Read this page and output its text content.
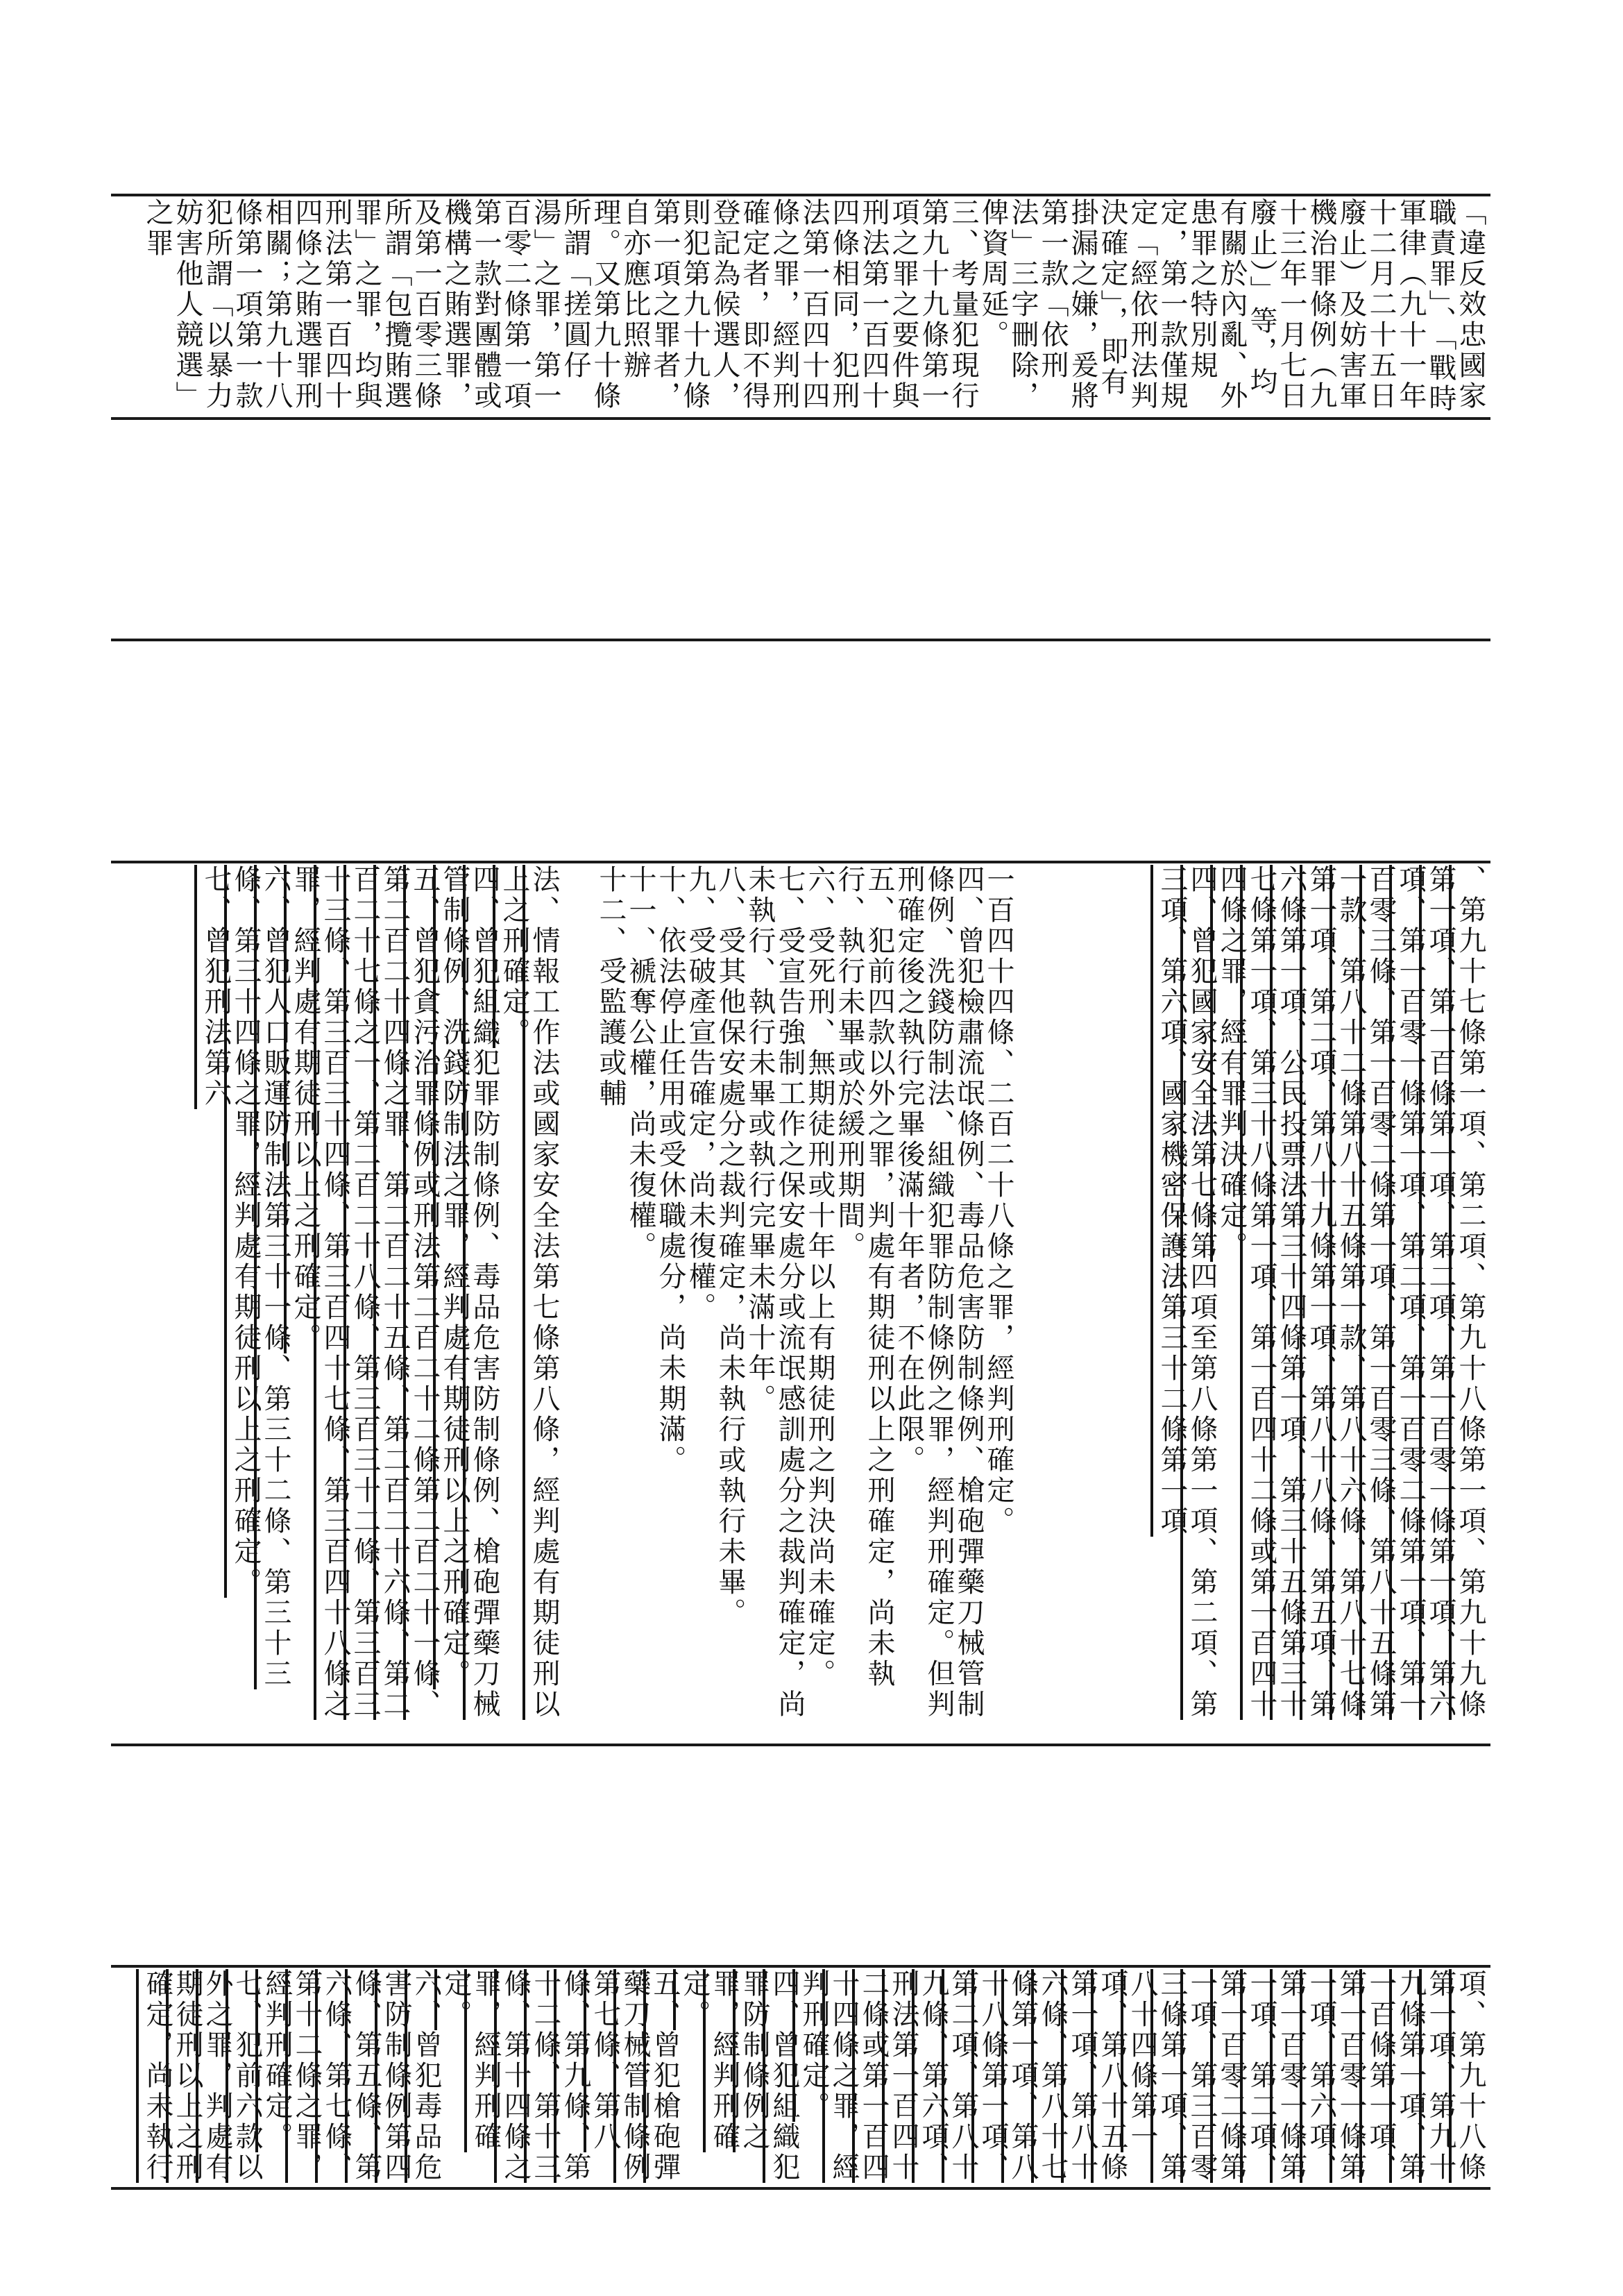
「違反效忠國家職責罪」、「戰時軍律（九十一年十二月二十五日廢止）及妨害軍機治罪條例（九十三年一月七日廢止）」等，均有關於內亂、外患罪之特別規定，第一款僅規定「經依刑法判決確定」，即有掛漏之嫌，爰將第一款「依刑法」三字刪除，俾資周延。
三、考量犯現行第九十九條第一項之罪之要件與刑法第一百四十四條相同，犯刑法第一百四十四條之罪，經判刑確定者，即不得登記為候選人，則犯第九十九條第一項之罪者，自亦應比照辦理。又第九十條所謂「搓圓仔湯」之罪，第一百零二條第一項第一款對團體或機構之賄選罪，及第一百零三條所謂「包攬賄選罪」之罪，均與刑法第一百四十四條之賄選罪刑相關；第九十八條第一項第一款犯所謂「以暴力妨害他人競選」之罪
、第九十七條第一項、第二項、第九十八條第一項、第九十九條第一項、第一百條第一項、第二項、第一百零一條第一項、第六項、第一百零一條第一項、第二項、第一百零二條第一項、第一百零三條、第一百零二條第一項、第一百零三條、第八十五條第一款、第八十二條第八十五條第一款、第八十六條、第八十七條第一項、第二項、第八十九條第一項、第八十八條、第五項、第六條第一項、公民投票法第三十四條第一項、第三十五條第三十七條第一項、第三十八條第一項、第一百四十二條或第一百四十四條之罪，經有罪判決確定。
四、曾犯國家安全法第七條第四項至第八條第一項、第二項、第三項、第六項、國家機密保護法第三十二條第一項
一百四十四條、二百二十八條之罪，經判刑確定。
四、曾犯檢肅流氓條例、毒品危害防制條例、槍砲彈藥刀械管制條例、洗錢防制法、組織犯罪防制條例之罪，經判刑確定。但判刑確定後之執行完畢後滿十年者，不在此限。
五、犯前四款以外之罪，判處有期徒刑以上之刑確定，尚未執行、執行未畢或於緩刑期間。
六、受死刑、無期徒刑或十年以上有期徒刑之判決尚未確定。
七、受宣告強制工作之保安處分或流氓感訓處分之裁判確定，尚未執行、執行未畢或執行完畢未滿十年。
八、受其他保安處分之裁判確定，尚未執行或執行未畢。
九、受破產宣告確定，尚未復權。
十、依法停止任用或受休職處分，尚未期滿。
十一、褫奪公權，尚未復權。
十二、受監護或輔
法、情報工作法或國家安全法第七條第八條，經判處有期徒刑以上之刑確定。
四、曾犯組織犯罪防制條例、毒品危害防制條例、槍砲彈藥刀械管制條例、洗錢防制法之罪，經判處有期徒刑以上之刑確定。
五、曾犯貪污治罪條例或刑法第二百二十二條第二百二十一條、第二百二十四條之罪、第二百二十五條、第二百二十六條、第二百二十七條之一、第二百二十八條、第三百三十二條、第三百三十三條、第三百三十四條、第三百四十七條、第三百四十八條之罪，經判處有期徒刑以上之刑確定。
六、曾犯人口販運防制法第三十一條、第三十二條、第三十三條、第三十四條之罪，經判處有期徒刑以上之刑確定。
七、曾犯刑法第六
項、第九十八條第一項、第九十九條第一項、第一百條第一項、第一百零一條第一項、第六項、第一百零一條第一項、第二項、第一百零二條第一項、第三百零三條第一項、第八十四條第一項、第八十五條第一項、第八十六條、第八十七條第一項、第八十八條第一項、第二項、第八十九條、第六項、刑法第一百四十二條或第一百四十四條之罪，經判刑確定。
四、曾犯組織犯罪防制條例之罪，經判刑確定。
五、曾犯槍砲彈藥刀械管制條例第七條、第八條、第九條、第十二條、第十三條、第十四條之罪，經判刑確定。
六、曾犯毒品危害防制條例第四條、第五條、第六條、第七條、第十二條之罪，經判刑確定。
七、犯前六款以外之罪，判處有期徒刑以上之刑確定，尚未執行
